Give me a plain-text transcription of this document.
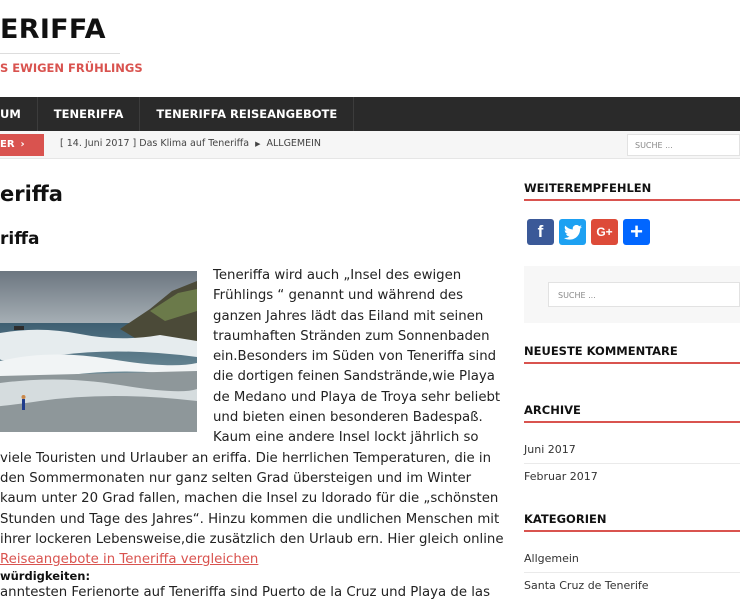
ERIFFA
S EWIGEN FRÜHLINGS
UM	TENERIFFA	TENERIFFA REISEANGEBOTE
ER ›	[ 14. Juni 2017 ] Das Klima auf Teneriffa ▶ ALLGEMEIN	SUCHE ...
eriffa
riffa
Teneriffa wird auch „Insel des ewigen Frühlings “ genannt und während des ganzen Jahres lädt das Eiland mit seinen traumhaften Stränden zum Sonnenbaden ein.Besonders im Süden von Teneriffa sind die dortigen feinen Sandstrände,wie Playa de Medano und Playa de Troya sehr beliebt und bieten einen besonderen Badespaß. Kaum eine andere Insel lockt jährlich so viele Touristen und Urlauber an eriffa. Die herrlichen Temperaturen, die in den Sommermonaten nur ganz selten Grad übersteigen und im Winter kaum unter 20 Grad fallen, machen die Insel zu ldorado für die „schönsten Stunden und Tage des Jahres“. Hinzu kommen die undlichen Menschen mit ihrer lockeren Lebensweise,die zusätzlich den Urlaub ern. Hier gleich online Reiseangebote in Teneriffa vergleichen
würdigkeiten:
anntesten Ferienorte auf Teneriffa sind Puerto de la Cruz und Playa de las
WEITEREMPFEHLEN
f	G+ +
SUCHE ...
NEUESTE KOMMENTARE
ARCHIVE
Juni 2017
Februar 2017
KATEGORIEN
Allgemein
Santa Cruz de Tenerife
